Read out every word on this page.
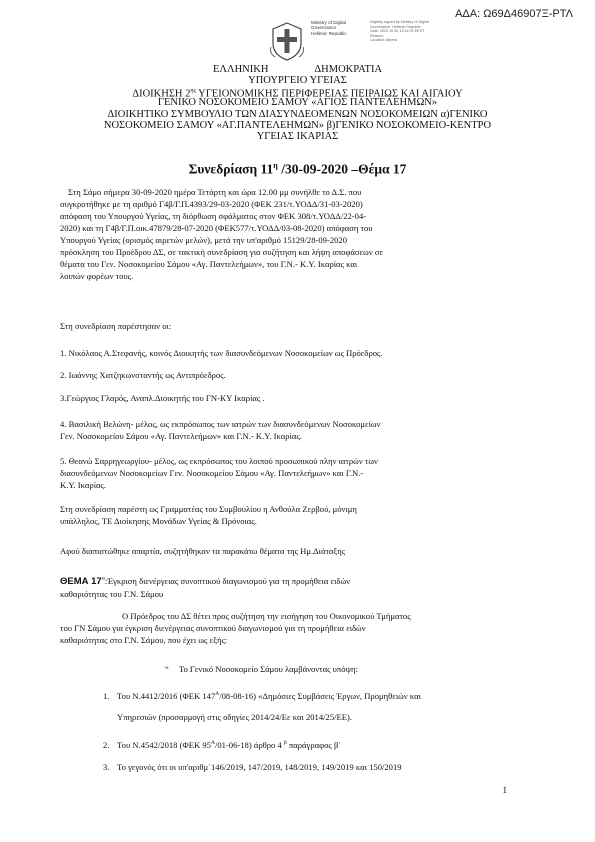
ΑΔΑ: Ω69Δ46907Ξ-ΡΤΛ
Ministry of Digital
Governance
Hellenic Republic
Digitally signed by Ministry of Digital Governance, Hellenic Republic
Date: 2020.10.06 13:14:02 EEST
Reason:
Location: Athens
ΕΛΛΗΝΙΚΗ	ΔΗΜΟΚΡΑΤΙΑ
ΥΠΟΥΡΓΕΙΟ ΥΓΕΙΑΣ
ΔΙΟΙΚΗΣΗ $2^{\eta\varsigma}$ ΥΓΕΙΟΝΟΜΙΚΗΣ ΠΕΡΙΦΕΡΕΙΑΣ ΠΕΙΡΑΙΩΣ ΚΑΙ ΑΙΓΑΙΟΥ
ΓΕΝΙΚΟ ΝΟΣΟΚΟΜΕΙΟ ΣΑΜΟΥ «ΑΓΙΟΣ ΠΑΝΤΕΛΕΗΜΩΝ»
ΔΙΟΙΚΗΤΙΚΟ ΣΥΜΒΟΥΛΙΟ ΤΩΝ ΔΙΑΣΥΝΔΕΟΜΕΝΩΝ ΝΟΣΟΚΟΜΕΙΩΝ α)ΓΕΝΙΚΟ
ΝΟΣΟΚΟΜΕΙΟ ΣΑΜΟΥ «ΑΓ.ΠΑΝΤΕΛΕΗΜΩΝ» β)ΓΕΝΙΚΟ ΝΟΣΟΚΟΜΕΙΟ-ΚΕΝΤΡΟ
ΥΓΕΙΑΣ ΙΚΑΡΙΑΣ
Συνεδρίαση $11^\eta$ /30-09-2020 –Θέμα 17

Στη Σάμο σήμερα 30-09-2020 ημέρα Τετάρτη και ώρα 12.00 μμ συνήλθε το Δ.Σ. που

συγκροτήθηκε με τη αριθμό Γ4β/Γ.Π.4393/29-03-2020 (ΦΕΚ 231/τ.ΥΟΔΔ/31-03-2020)

απόφαση του Υπουργού Υγείας, τη διόρθωση σφάλματος στον ΦΕΚ 308/τ.ΥΟΔΔ/22-04-

2020) και τη Γ4β/Γ.Π.οικ.47879/28-07-2020 (ΦΕΚ577/τ.ΥΟΔΔ/03-08-2020) απόφαση του

Υπουργού Υγείας (ορισμός αιρετών μελών), μετά την υπ'αριθμό 15129/28-09-2020

πρόσκληση του Προέδρου ΔΣ, σε τακτική συνεδρίαση για συζήτηση και λήψη αποφάσεων σε

θέματα του Γεν. Νοσοκομείου Σάμου «Αγ. Παντελεήμων», του Γ.Ν.- Κ.Υ. Ικαρίας και

λοιπών φορέων τους.

Στη συνεδρίαση παρέστησαν οι:
1. Νικόλαος Α.Στεφανής, κοινός Διοικητής των διασυνδεόμενων Νοσοκομείων ως Πρόεδρος.
2. Ιωάννης Χατζηκωνσταντής ως Αντιπρόεδρος.
3.Γεώργιος Γλαρός, Αναπλ.Διοικητής του ΓΝ-ΚΥ Ικαρίας .

4. Βασιλική Βελώνη- μέλος, ως εκπρόσωπος των ιατρών των διασυνδεόμενων Νοσοκομείων

Γεν. Νοσοκομείου Σάμου «Αγ. Παντελεήμων» και Γ.Ν.- Κ.Υ. Ικαρίας.

5. Θεανώ Σαρρηγεωργίου- μέλος, ως εκπρόσωπος του λοιπού προσωπικού πλην ιατρών των

διασυνδεόμενων Νοσοκομείων Γεν. Νοσοκομείου Σάμου «Αγ. Παντελεήμων» και Γ.Ν.-

Κ.Υ. Ικαρίας.

Στη συνεδρίαση παρέστη ως Γραμματέας του Συμβουλίου η Ανθούλα Ζερβού, μόνιμη

υπάλληλος, ΤΕ Διοίκησης Μονάδων Υγείας & Πρόνοιας.

Αφού διαπιστώθηκε απαρτία, συζητήθηκαν τα παρακάτω θέματα της Ημ.Διάταξης

ΘΕΜΑ $17^o:Έ\gamma\kappa\rho\iota\sigma\eta$ διενέργειας συνοπτικού διαγωνισμού για τη προμήθεια ειδών

καθαριότητας του Γ.Ν. Σάμου

Ο Πρόεδρος του ΔΣ θέτει προς συζήτηση την εισήγηση του Οικονομικού Τμήματος

του ΓΝ Σάμου για έγκριση διενέργειας συνοπτικού διαγωνισμού για τη προμήθεια ειδών

καθαριότητας στο Γ.Ν. Σάμου, που έχει ως εξής:

“ Το Γενικό Νοσοκομείο Σάμου λαμβάνοντας υπόψη:
1. Του Ν.4412/2016 (ΦΕΚ $147^A/08-08-16$) «Δημόσιες Συμβάσεις Έργων, Προμηθειών και
Υπηρεσιών (προσαρμογή στις οδηγίες 2014/24/Εε και 2014/25/ΕΕ).
2. Του Ν.4542/2018 (ΦΕΚ $95^A/01-06-18$) άρθρο 4 $^\beta$ παράγραφος β΄
3. Το γεγονός ότι οι υπ'αριθμ΄146/2019, 147/2019, 148/2019, 149/2019 και 150/2019
1
